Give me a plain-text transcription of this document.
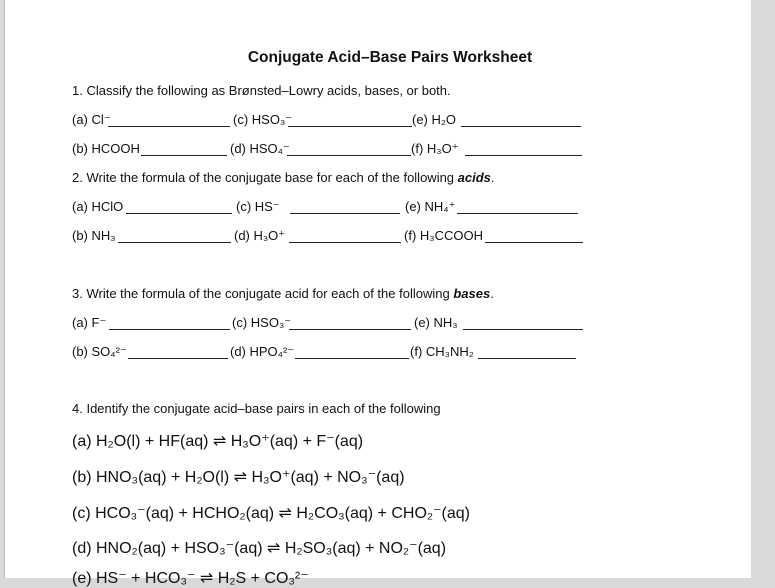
Conjugate Acid–Base Pairs Worksheet
1. Classify the following as Brønsted–Lowry acids, bases, or both.
(a) Cl⁻	(c) HSO₃⁻	(e) H₂O
(b) HCOOH	(d) HSO₄⁻	(f) H₃O⁺
2. Write the formula of the conjugate base for each of the following acids.
(a) HClO	(c) HS⁻	(e) NH₄⁺
(b) NH₃	(d) H₃O⁺	(f) H₃CCOOH
3. Write the formula of the conjugate acid for each of the following bases.
(a) F⁻	(c) HSO₃⁻	(e) NH₃
(b) SO₄²⁻	(d) HPO₄²⁻	(f) CH₃NH₂
4. Identify the conjugate acid–base pairs in each of the following
(a) H₂O(l) + HF(aq) ⇌ H₃O⁺(aq) + F⁻(aq)
(b) HNO₃(aq) + H₂O(l) ⇌ H₃O⁺(aq) + NO₃⁻(aq)
(c) HCO₃⁻(aq) + HCHO₂(aq) ⇌ H₂CO₃(aq) + CHO₂⁻(aq)
(d) HNO₂(aq) + HSO₃⁻(aq) ⇌ H₂SO₃(aq) + NO₂⁻(aq)
(e) HS⁻ + HCO₃⁻ ⇌ H₂S + CO₃²⁻
